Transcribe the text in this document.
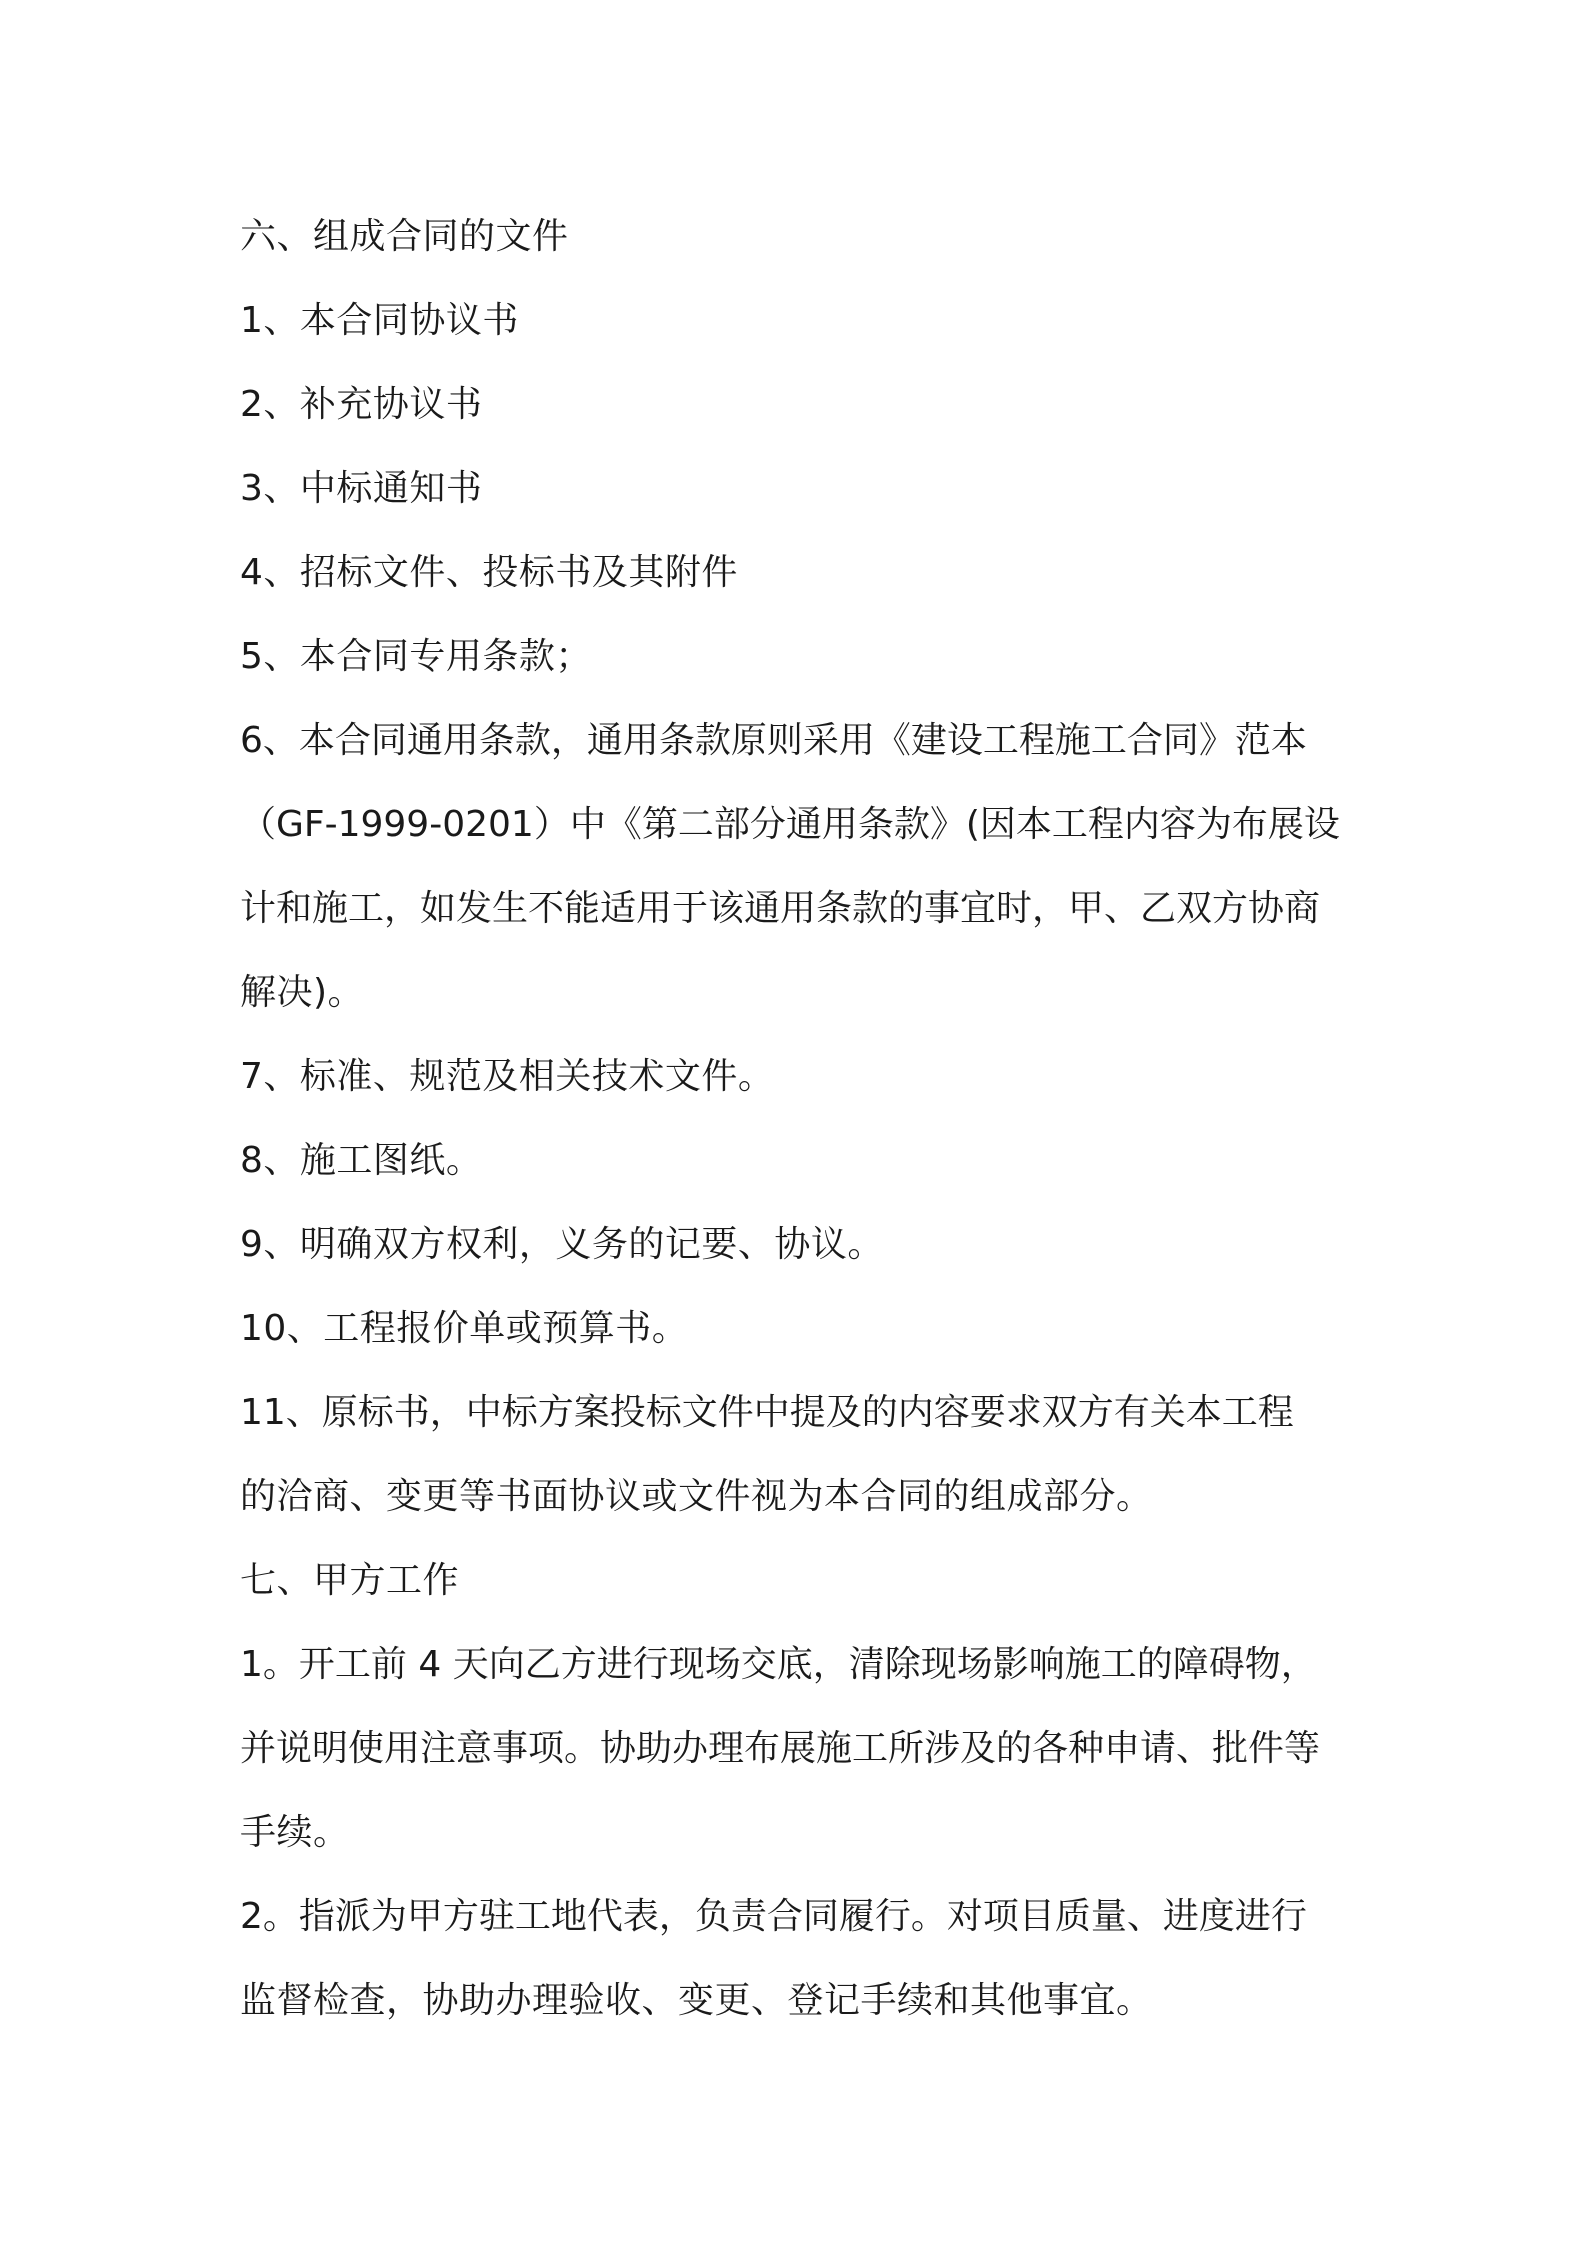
六、组成合同的文件
1、本合同协议书
2、补充协议书
3、中标通知书
4、招标文件、投标书及其附件
5、本合同专用条款；
6、本合同通用条款，通用条款原则采用《建设工程施工合同》范本
（GF-1999-0201）中《第二部分通用条款》(因本工程内容为布展设
计和施工，如发生不能适用于该通用条款的事宜时，甲、乙双方协商
解决)。
7、标准、规范及相关技术文件。
8、施工图纸。
9、明确双方权利，义务的记要、协议。
10、工程报价单或预算书。
11、原标书，中标方案投标文件中提及的内容要求双方有关本工程
的洽商、变更等书面协议或文件视为本合同的组成部分。
七、甲方工作
1。开工前 4 天向乙方进行现场交底，清除现场影响施工的障碍物，
并说明使用注意事项。协助办理布展施工所涉及的各种申请、批件等
手续。
2。指派为甲方驻工地代表，负责合同履行。对项目质量、进度进行
监督检查，协助办理验收、变更、登记手续和其他事宜。
